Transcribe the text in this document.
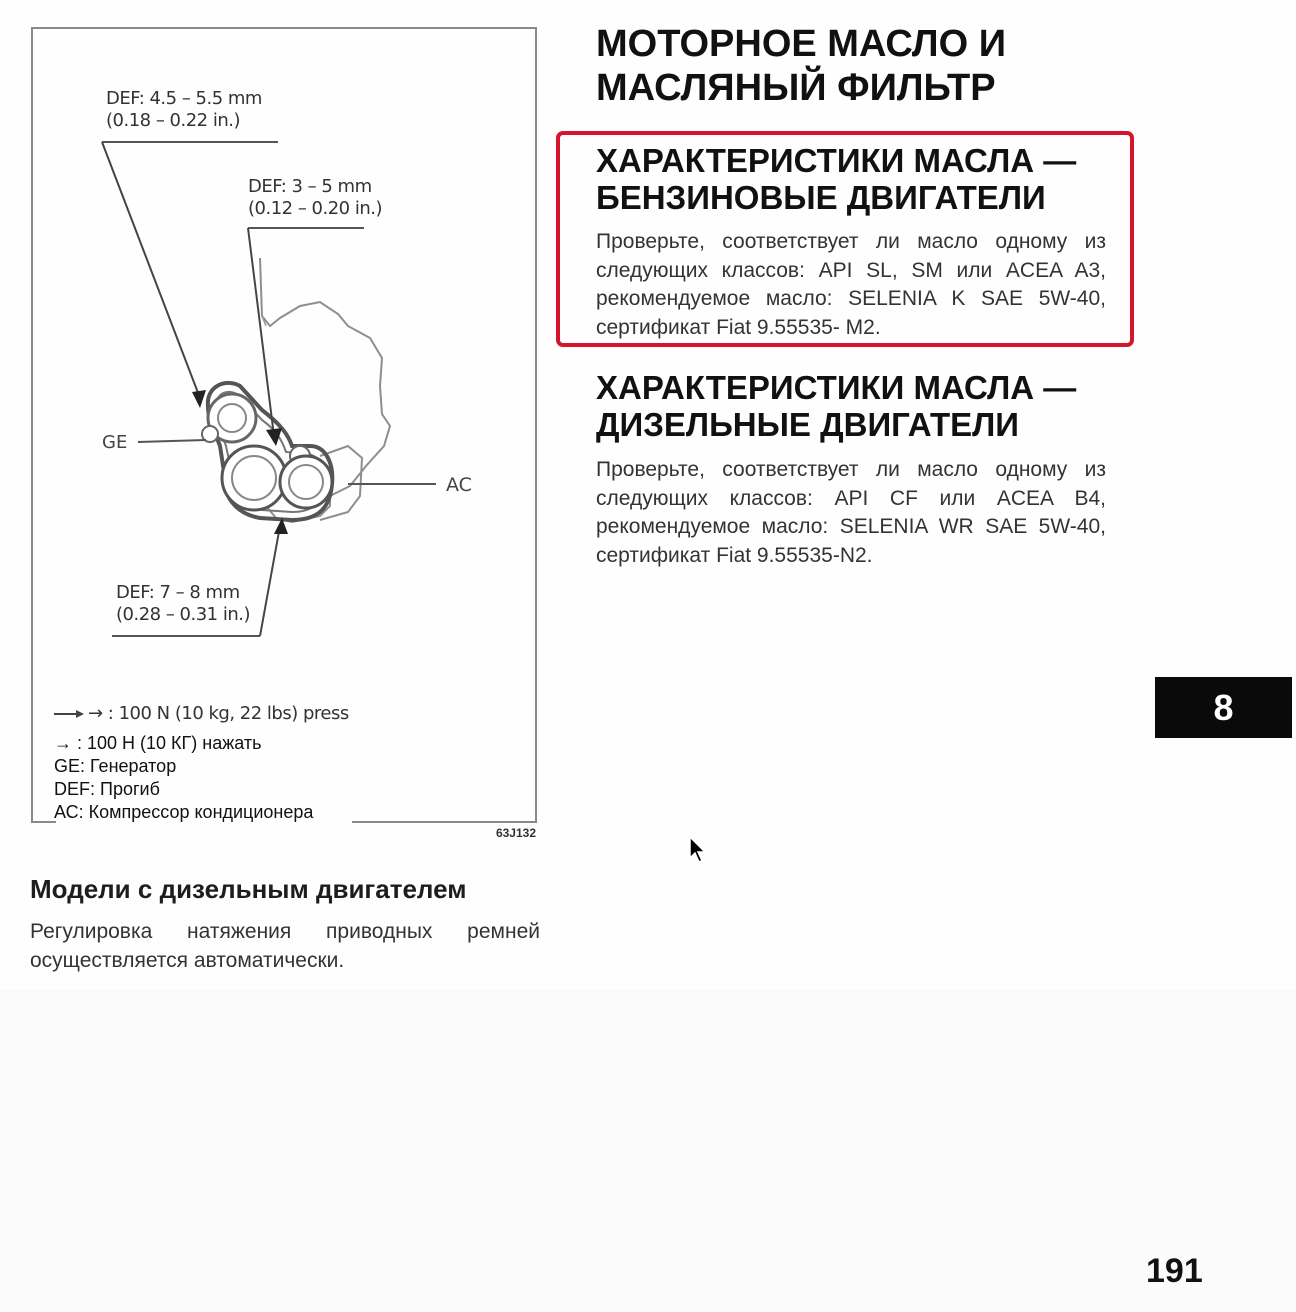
DEF: 4.5 – 5.5 mm
(0.18 – 0.22 in.)
DEF: 3 – 5 mm
(0.12 – 0.20 in.)
DEF: 7 – 8 mm
(0.28 – 0.31 in.)
GE
AC
→ : 100 N (10 kg, 22 lbs) press
→ : 100 Н (10 КГ) нажать
GE: Генератор
DEF: Прогиб
АС: Компрессор кондиционера
63J132
Модели с дизельным двигателем
Регулировка натяжения приводных ремней осуществляется автоматически.
МОТОРНОЕ МАСЛО И МАСЛЯНЫЙ ФИЛЬТР
ХАРАКТЕРИСТИКИ МАСЛА — БЕНЗИНОВЫЕ ДВИГАТЕЛИ
Проверьте, соответствует ли масло одному из следующих классов: API SL, SM или ACEA A3, рекомендуемое масло: SELENIA K SAE 5W-40, сертификат Fiat 9.55535- M2.
ХАРАКТЕРИСТИКИ МАСЛА — ДИЗЕЛЬНЫЕ ДВИГАТЕЛИ
Проверьте, соответствует ли масло одному из следующих классов: API CF или ACEA B4, рекомендуемое масло: SELENIA WR SAE 5W-40, сертификат Fiat 9.55535-N2.
8
191
